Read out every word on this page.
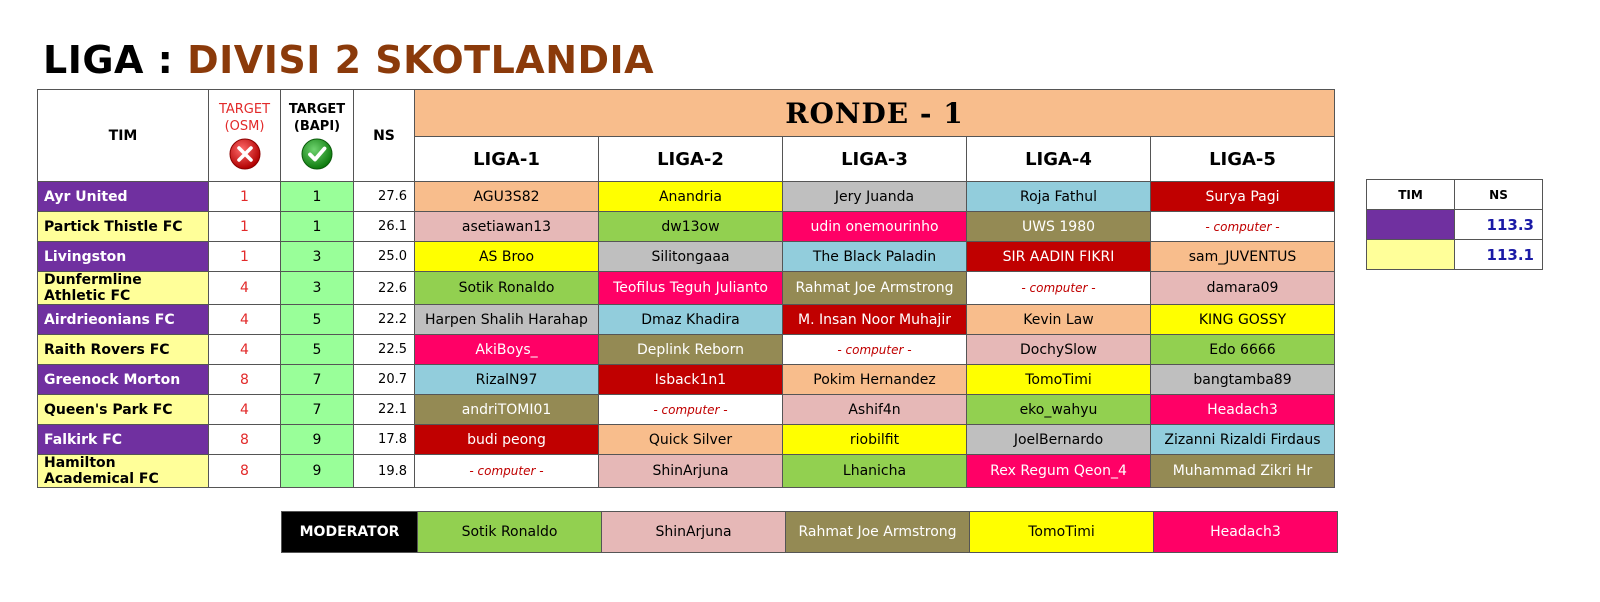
LIGA : DIVISI 2 SKOTLANDIA
TIM	TARGET (OSM)	TARGET (BAPI)	NS	RONDE - 1				
				LIGA-1	LIGA-2	LIGA-3	LIGA-4	LIGA-5
Ayr United	1	1	27.6	AGU3S82	Anandria	Jery Juanda	Roja Fathul	Surya Pagi
Partick Thistle FC	1	1	26.1	asetiawan13	dw13ow	udin onemourinho	UWS 1980	- computer -
Livingston	1	3	25.0	AS Broo	Silitongaaa	The Black Paladin	SIR AADIN FIKRI	sam_JUVENTUS
Dunfermline Athletic FC	4	3	22.6	Sotik Ronaldo	Teofilus Teguh Julianto	Rahmat Joe Armstrong	- computer -	damara09
Airdrieonians FC	4	5	22.2	Harpen Shalih Harahap	Dmaz Khadira	M. Insan Noor Muhajir	Kevin Law	KING GOSSY
Raith Rovers FC	4	5	22.5	AkiBoys_	Deplink Reborn	- computer -	DochySlow	Edo 6666
Greenock Morton	8	7	20.7	RizalN97	Isback1n1	Pokim Hernandez	TomoTimi	bangtamba89
Queen's Park FC	4	7	22.1	andriTOMI01	- computer -	Ashif4n	eko_wahyu	Headach3
Falkirk FC	8	9	17.8	budi peong	Quick Silver	riobilfit	JoelBernardo	Zizanni Rizaldi Firdaus
Hamilton Academical FC	8	9	19.8	- computer -	ShinArjuna	Lhanicha	Rex Regum Qeon_4	Muhammad Zikri Hr
MODERATOR	Sotik Ronaldo	ShinArjuna	Rahmat Joe Armstrong	TomoTimi	Headach3
TIM	NS
	113.3
	113.1
